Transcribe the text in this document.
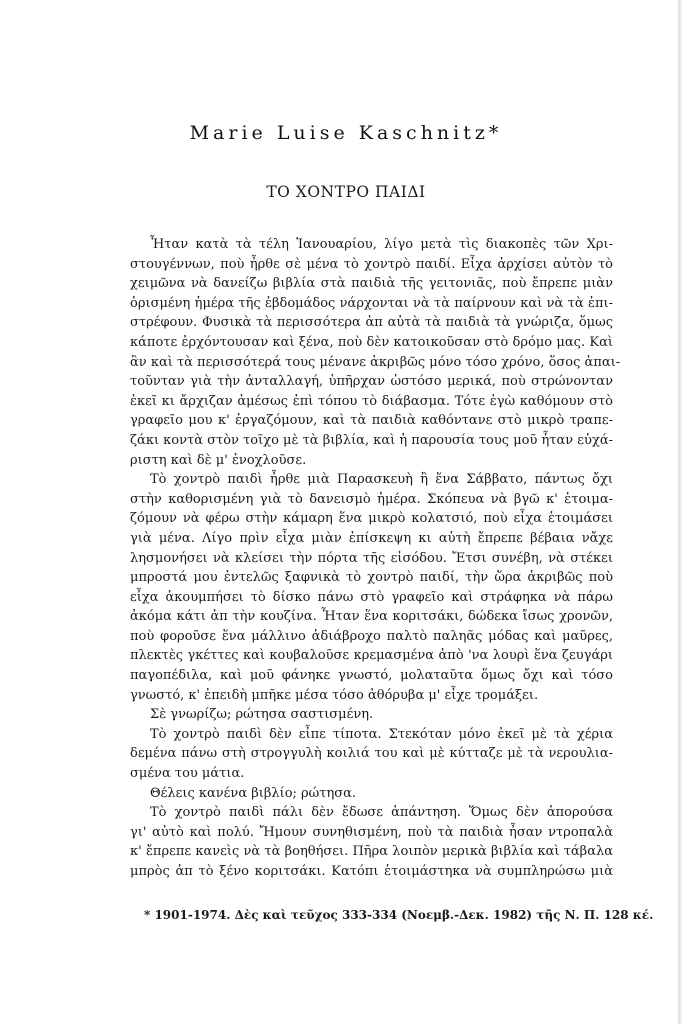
Marie Luise Kaschnitz*
ΤΟ ΧΟΝΤΡΟ ΠΑΙΔΙ
Ἦταν κατὰ τὰ τέλη Ἰανουαρίου, λίγο μετὰ τὶς διακοπὲς τῶν Χρι-
στουγέννων, ποὺ ἦρθε σὲ μένα τὸ χοντρὸ παιδί. Εἶχα ἀρχίσει αὐτὸν τὸ
χειμῶνα νὰ δανείζω βιβλία στὰ παιδιὰ τῆς γειτονιᾶς, ποὺ ἔπρεπε μιὰν
ὁρισμένη ἡμέρα τῆς ἑβδομάδος νάρχονται νὰ τὰ παίρνουν καὶ νὰ τὰ ἐπι-
στρέφουν. Φυσικὰ τὰ περισσότερα ἀπ αὐτὰ τὰ παιδιὰ τὰ γνώριζα, ὅμως
κάποτε ἐρχόντουσαν καὶ ξένα, ποὺ δὲν κατοικοῦσαν στὸ δρόμο μας. Καὶ
ἂν καὶ τὰ περισσότερά τους μένανε ἀκριβῶς μόνο τόσο χρόνο, ὅσος ἀπαι-
τοῦνταν γιὰ τὴν ἀνταλλαγή, ὑπῆρχαν ὡστόσο μερικά, ποὺ στρώνονταν
ἐκεῖ κι ἄρχιζαν ἀμέσως ἐπὶ τόπου τὸ διάβασμα. Τότε ἐγὼ καθόμουν στὸ
γραφεῖο μου κ' ἐργαζόμουν, καὶ τὰ παιδιὰ καθόντανε στὸ μικρὸ τραπε-
ζάκι κοντὰ στὸν τοῖχο μὲ τὰ βιβλία, καὶ ἡ παρουσία τους μοῦ ἦταν εὐχά-
ριστη καὶ δὲ μ' ἐνοχλοῦσε.
Τὸ χοντρὸ παιδὶ ἦρθε μιὰ Παρασκευὴ ἢ ἕνα Σάββατο, πάντως ὄχι
στὴν καθορισμένη γιὰ τὸ δανεισμὸ ἡμέρα. Σκόπευα νὰ βγῶ κ' ἑτοιμα-
ζόμουν νὰ φέρω στὴν κάμαρη ἕνα μικρὸ κολατσιό, ποὺ εἶχα ἑτοιμάσει
γιὰ μένα. Λίγο πρὶν εἶχα μιὰν ἐπίσκεψη κι αὐτὴ ἔπρεπε βέβαια νἄχε
λησμονήσει νὰ κλείσει τὴν πόρτα τῆς εἰσόδου. Ἔτσι συνέβη, νὰ στέκει
μπροστά μου ἐντελῶς ξαφνικὰ τὸ χοντρὸ παιδί, τὴν ὥρα ἀκριβῶς ποὺ
εἶχα ἀκουμπήσει τὸ δίσκο πάνω στὸ γραφεῖο καὶ στράφηκα νὰ πάρω
ἀκόμα κάτι ἀπ τὴν κουζίνα. Ἦταν ἕνα κοριτσάκι, δώδεκα ἴσως χρονῶν,
ποὺ φοροῦσε ἕνα μάλλινο ἀδιάβροχο παλτὸ παληᾶς μόδας καὶ μαῦρες,
πλεκτὲς γκέττες καὶ κουβαλοῦσε κρεμασμένα ἀπὸ 'να λουρὶ ἕνα ζευγάρι
παγοπέδιλα, καὶ μοῦ φάνηκε γνωστό, μολαταῦτα ὅμως ὄχι καὶ τόσο
γνωστό, κ' ἐπειδὴ μπῆκε μέσα τόσο ἀθόρυβα μ' εἶχε τρομάξει.
Σὲ γνωρίζω; ρώτησα σαστισμένη.
Τὸ χοντρὸ παιδὶ δὲν εἶπε τίποτα. Στεκόταν μόνο ἐκεῖ μὲ τὰ χέρια
δεμένα πάνω στὴ στρογγυλὴ κοιλιά του καὶ μὲ κύτταζε μὲ τὰ νερουλια-
σμένα του μάτια.
Θέλεις κανένα βιβλίο; ρώτησα.
Τὸ χοντρὸ παιδὶ πάλι δὲν ἔδωσε ἀπάντηση. Ὅμως δὲν ἀπορούσα
γι' αὐτὸ καὶ πολύ. Ἤμουν συνηθισμένη, ποὺ τὰ παιδιὰ ἦσαν ντροπαλὰ
κ' ἔπρεπε κανεὶς νὰ τὰ βοηθήσει. Πῆρα λοιπὸν μερικὰ βιβλία καὶ τάβαλα
μπρὸς ἀπ τὸ ξένο κοριτσάκι. Κατόπι ἑτοιμάστηκα νὰ συμπληρώσω μιὰ
* 1901-1974. Δὲς καὶ τεῦχος 333-334 (Νοεμβ.-Δεκ. 1982) τῆς Ν. Π. 128 κέ.
